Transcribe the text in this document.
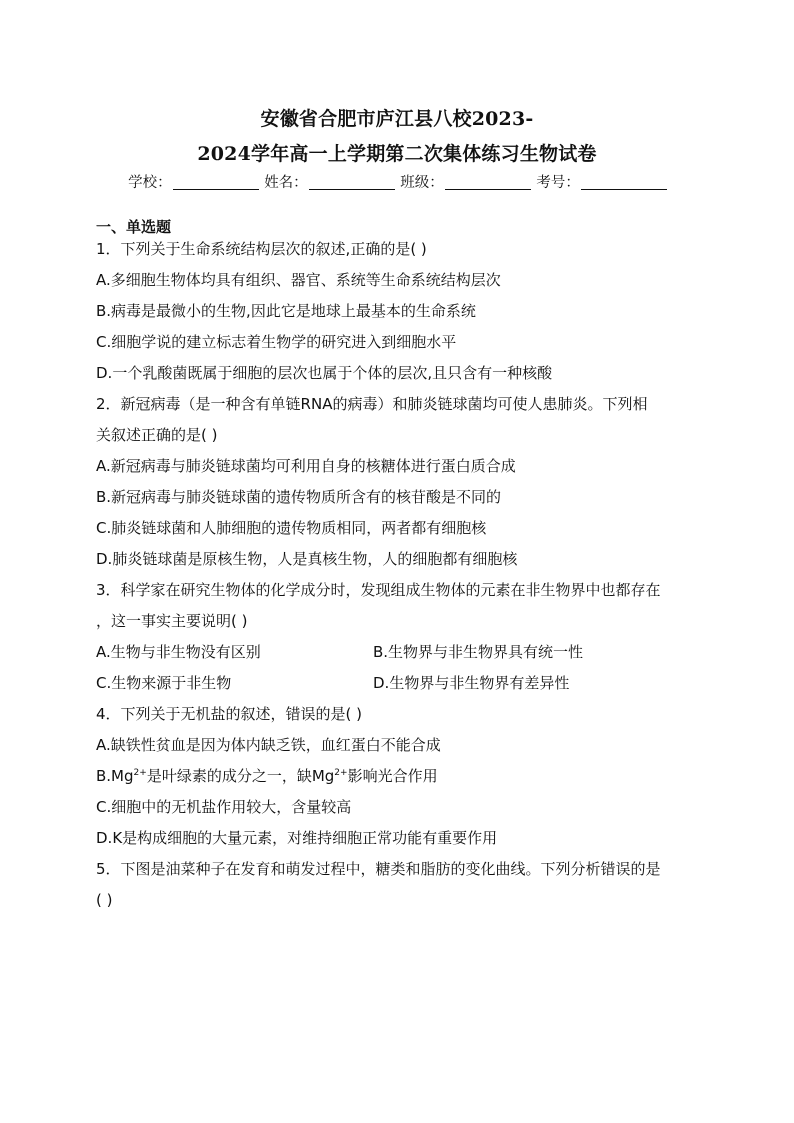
安徽省合肥市庐江县八校2023-
2024学年高一上学期第二次集体练习生物试卷
学校：	姓名：	班级：	考号：
一、单选题
1．下列关于生命系统结构层次的叙述,正确的是( )
A.多细胞生物体均具有组织、器官、系统等生命系统结构层次
B.病毒是最微小的生物,因此它是地球上最基本的生命系统
C.细胞学说的建立标志着生物学的研究进入到细胞水平
D.一个乳酸菌既属于细胞的层次也属于个体的层次,且只含有一种核酸
2．新冠病毒（是一种含有单链RNA的病毒）和肺炎链球菌均可使人患肺炎。下列相
关叙述正确的是( )
A.新冠病毒与肺炎链球菌均可利用自身的核糖体进行蛋白质合成
B.新冠病毒与肺炎链球菌的遗传物质所含有的核苷酸是不同的
C.肺炎链球菌和人肺细胞的遗传物质相同，两者都有细胞核
D.肺炎链球菌是原核生物，人是真核生物，人的细胞都有细胞核
3．科学家在研究生物体的化学成分时，发现组成生物体的元素在非生物界中也都存在
，这一事实主要说明( )
A.生物与非生物没有区别	B.生物界与非生物界具有统一性
C.生物来源于非生物	D.生物界与非生物界有差异性
4．下列关于无机盐的叙述，错误的是( )
A.缺铁性贫血是因为体内缺乏铁，血红蛋白不能合成
$B.Mg^{2+}$是叶绿素的成分之一，缺$Mg^{2+}$影响光合作用
C.细胞中的无机盐作用较大，含量较高
D.K是构成细胞的大量元素，对维持细胞正常功能有重要作用
5．下图是油菜种子在发育和萌发过程中，糖类和脂肪的变化曲线。下列分析错误的是
( )
